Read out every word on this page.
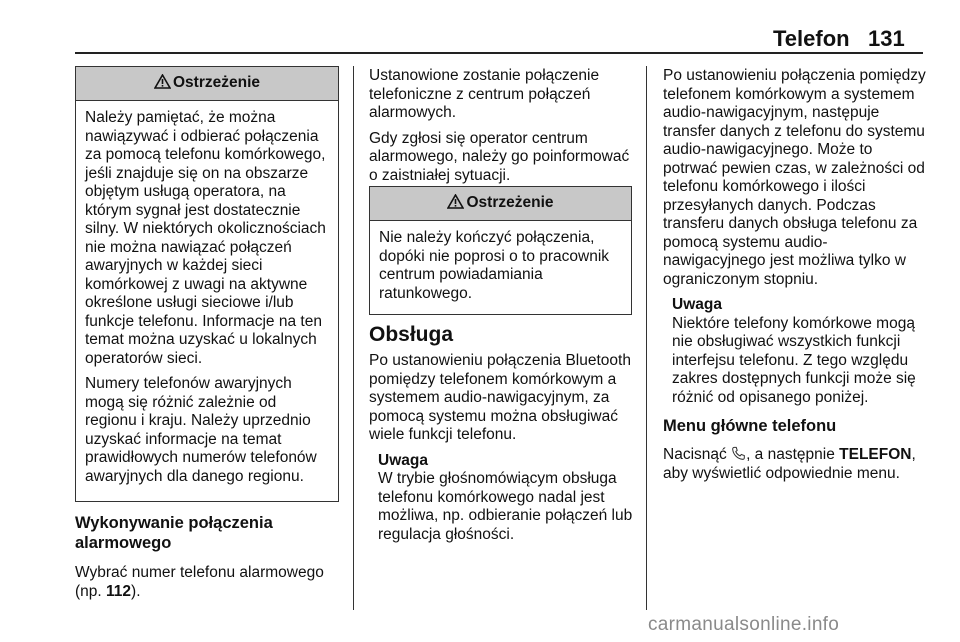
Telefon 131
Ostrzeżenie

Należy pamiętać, że można nawiązywać i odbierać połączenia za pomocą telefonu komórkowego, jeśli znajduje się on na obszarze objętym usługą operatora, na którym sygnał jest dostatecznie silny. W niektórych okolicznościach nie można nawiązać połączeń awaryjnych w każdej sieci komórkowej z uwagi na aktywne określone usługi sieciowe i/lub funkcje telefonu. Informacje na ten temat można uzyskać u lokalnych operatorów sieci.

Numery telefonów awaryjnych mogą się różnić zależnie od regionu i kraju. Należy uprzednio uzyskać informacje na temat prawidłowych numerów telefonów awaryjnych dla danego regionu.

Wykonywanie połączenia alarmowego

Wybrać numer telefonu alarmowego (np. 112).

Ustanowione zostanie połączenie telefoniczne z centrum połączeń alarmowych.

Gdy zgłosi się operator centrum alarmowego, należy go poinformować o zaistniałej sytuacji.

Ostrzeżenie

Nie należy kończyć połączenia, dopóki nie poprosi o to pracownik centrum powiadamiania ratunkowego.

Obsługa

Po ustanowieniu połączenia Bluetooth pomiędzy telefonem komórkowym a systemem audio-nawigacyjnym, za pomocą systemu można obsługiwać wiele funkcji telefonu.

Uwaga
W trybie głośnomówiącym obsługa telefonu komórkowego nadal jest możliwa, np. odbieranie połączeń lub regulacja głośności.

Po ustanowieniu połączenia pomiędzy telefonem komórkowym a systemem audio-nawigacyjnym, następuje transfer danych z telefonu do systemu audio-nawigacyjnego. Może to potrwać pewien czas, w zależności od telefonu komórkowego i ilości przesyłanych danych. Podczas transferu danych obsługa telefonu za pomocą systemu audio-nawigacyjnego jest możliwa tylko w ograniczonym stopniu.

Uwaga
Niektóre telefony komórkowe mogą nie obsługiwać wszystkich funkcji interfejsu telefonu. Z tego względu zakres dostępnych funkcji może się różnić od opisanego poniżej.
Menu główne telefonu

Nacisnąć , a następnie TELEFON, aby wyświetlić odpowiednie menu.

carmanualsonline.info
